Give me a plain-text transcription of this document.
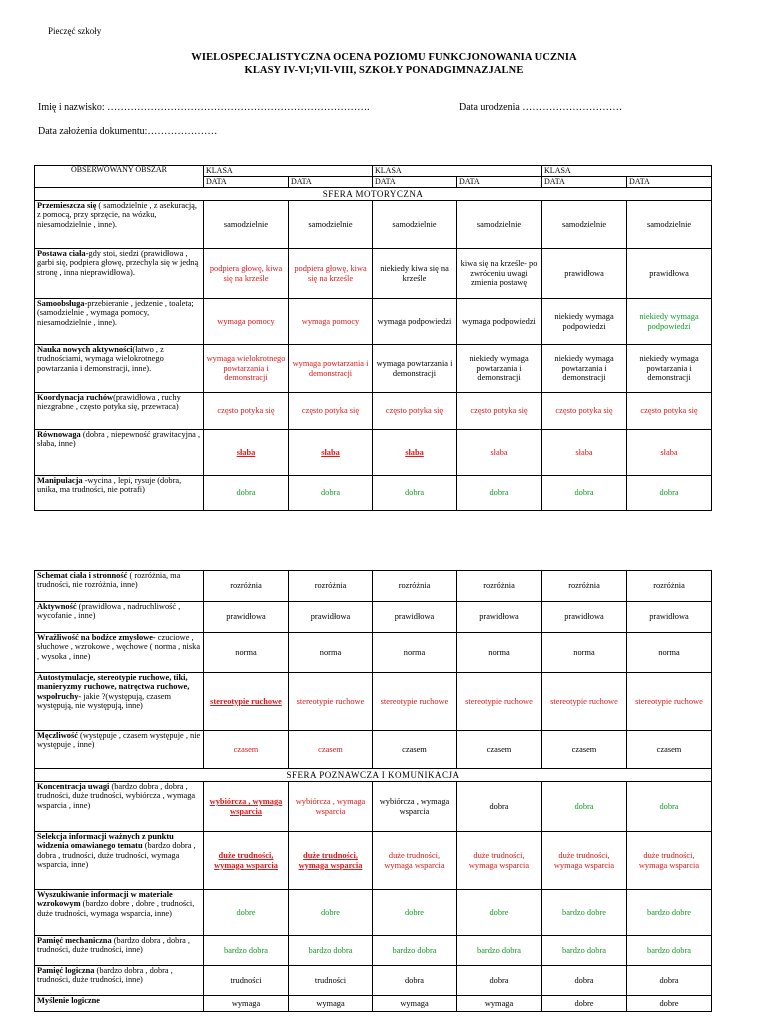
Pieczęć szkoły
WIELOSPECJALISTYCZNA OCENA POZIOMU FUNKCJONOWANIA UCZNIA
KLASY IV-VI;VII-VIII, SZKOŁY PONADGIMNAZJALNE
Imię i nazwisko: …………………………………………………………………….	Data urodzenia …………………………
Data założenia dokumentu:…………………
OBSERWOWANY OBSZAR	KLASA		KLASA		KLASA	
	DATA	DATA	DATA	DATA	DATA	DATA
SFERA MOTORYCZNA						
Przemieszcza się ( samodzielnie , z asekuracją, z pomocą, przy sprzęcie, na wózku, niesamodzielnie , inne).	samodzielnie	samodzielnie	samodzielnie	samodzielnie	samodzielnie	samodzielnie
Postawa ciała-gdy stoi, siedzi (prawidłowa , garbi się, podpiera głowę, przechyla się w jedną stronę , inna nieprawidłowa).	podpiera głowę, kiwa się na krześle	podpiera głowę, kiwa się na krześle	niekiedy kiwa się na krześle	kiwa się na krześle- po zwróceniu uwagi zmienia postawę	prawidłowa	prawidłowa
Samoobsługa-przebieranie , jedzenie , toaleta; (samodzielnie , wymaga pomocy, niesamodzielnie , inne).	wymaga pomocy	wymaga pomocy	wymaga podpowiedzi	wymaga podpowiedzi	niekiedy wymaga podpowiedzi	niekiedy wymaga podpowiedzi
Nauka nowych aktywności(łatwo , z trudnościami, wymaga wielokrotnego powtarzania i demonstracji, inne).	wymaga wielokrotnego powtarzania i demonstracji	wymaga powtarzania i demonstracji	wymaga powtarzania i demonstracji	niekiedy wymaga powtarzania i demonstracji	niekiedy wymaga powtarzania i demonstracji	niekiedy wymaga powtarzania i demonstracji
Koordynacja ruchów(prawidłowa , ruchy niezgrabne , często potyka się, przewraca)	często potyka się	często potyka się	często potyka się	często potyka się	często potyka się	często potyka się
Równowaga (dobra , niepewność grawitacyjna , słaba, inne)	słaba	słaba	słaba	słaba	słaba	słaba
Manipulacja -wycina , lepi, rysuje (dobra, unika, ma trudności, nie potrafi)	dobra	dobra	dobra	dobra	dobra	dobra
Schemat ciała i stronność ( rozróżnia, ma trudności, nie rozróżnia, inne)	rozróżnia	rozróżnia	rozróżnia	rozróżnia	rozróżnia	rozróżnia
Aktywność (prawidłowa , nadruchliwość , wycofanie , inne)	prawidłowa	prawidłowa	prawidłowa	prawidłowa	prawidłowa	prawidłowa
Wrażliwość na bodźce zmysłowe- czuciowe , słuchowe , wzrokowe , węchowe ( norma , niska , wysoka , inne)	norma	norma	norma	norma	norma	norma
Autostymulacje, stereotypie ruchowe, tiki, manieryzmy ruchowe, natręctwa ruchowe, wspołruchy- jakie ?(występują, czasem występują, nie występują, inne)	stereotypie ruchowe	stereotypie ruchowe	stereotypie ruchowe	stereotypie ruchowe	stereotypie ruchowe	stereotypie ruchowe
Męczliwość (występuje , czasem występuje , nie występuje , inne)	czasem	czasem	czasem	czasem	czasem	czasem
SFERA POZNAWCZA I KOMUNIKACJA						
Koncentracja uwagi (bardzo dobra , dobra , trudności, duże trudności, wybiórcza , wymaga wsparcia , inne)	wybiórcza , wymaga wsparcia	wybiórcza , wymaga wsparcia	wybiórcza , wymaga wsparcia	dobra	dobra	dobra
Selekcja informacji ważnych z punktu widzenia omawianego tematu (bardzo dobra , dobra , trudności, duże trudności, wymaga wsparcia, inne)	duże trudności, wymaga wsparcia	duże trudności, wymaga wsparcia	duże trudności, wymaga wsparcia	duże trudności, wymaga wsparcia	duże trudności, wymaga wsparcia	duże trudności, wymaga wsparcia
Wyszukiwanie informacji w materiale wzrokowym (bardzo dobre , dobre , trudności, duże trudności, wymaga wsparcia, inne)	dobre	dobre	dobre	dobre	bardzo dobre	bardzo dobre
Pamięć mechaniczna (bardzo dobra , dobra , trudności, duże trudności, inne)	bardzo dobra	bardzo dobra	bardzo dobra	bardzo dobra	bardzo dobra	bardzo dobra
Pamięć logiczna (bardzo dobra , dobra , trudności, duże trudności, inne)	trudności	trudności	dobra	dobra	dobra	dobra
Myślenie logiczne	wymaga	wymaga	wymaga	wymaga	dobre	dobre
